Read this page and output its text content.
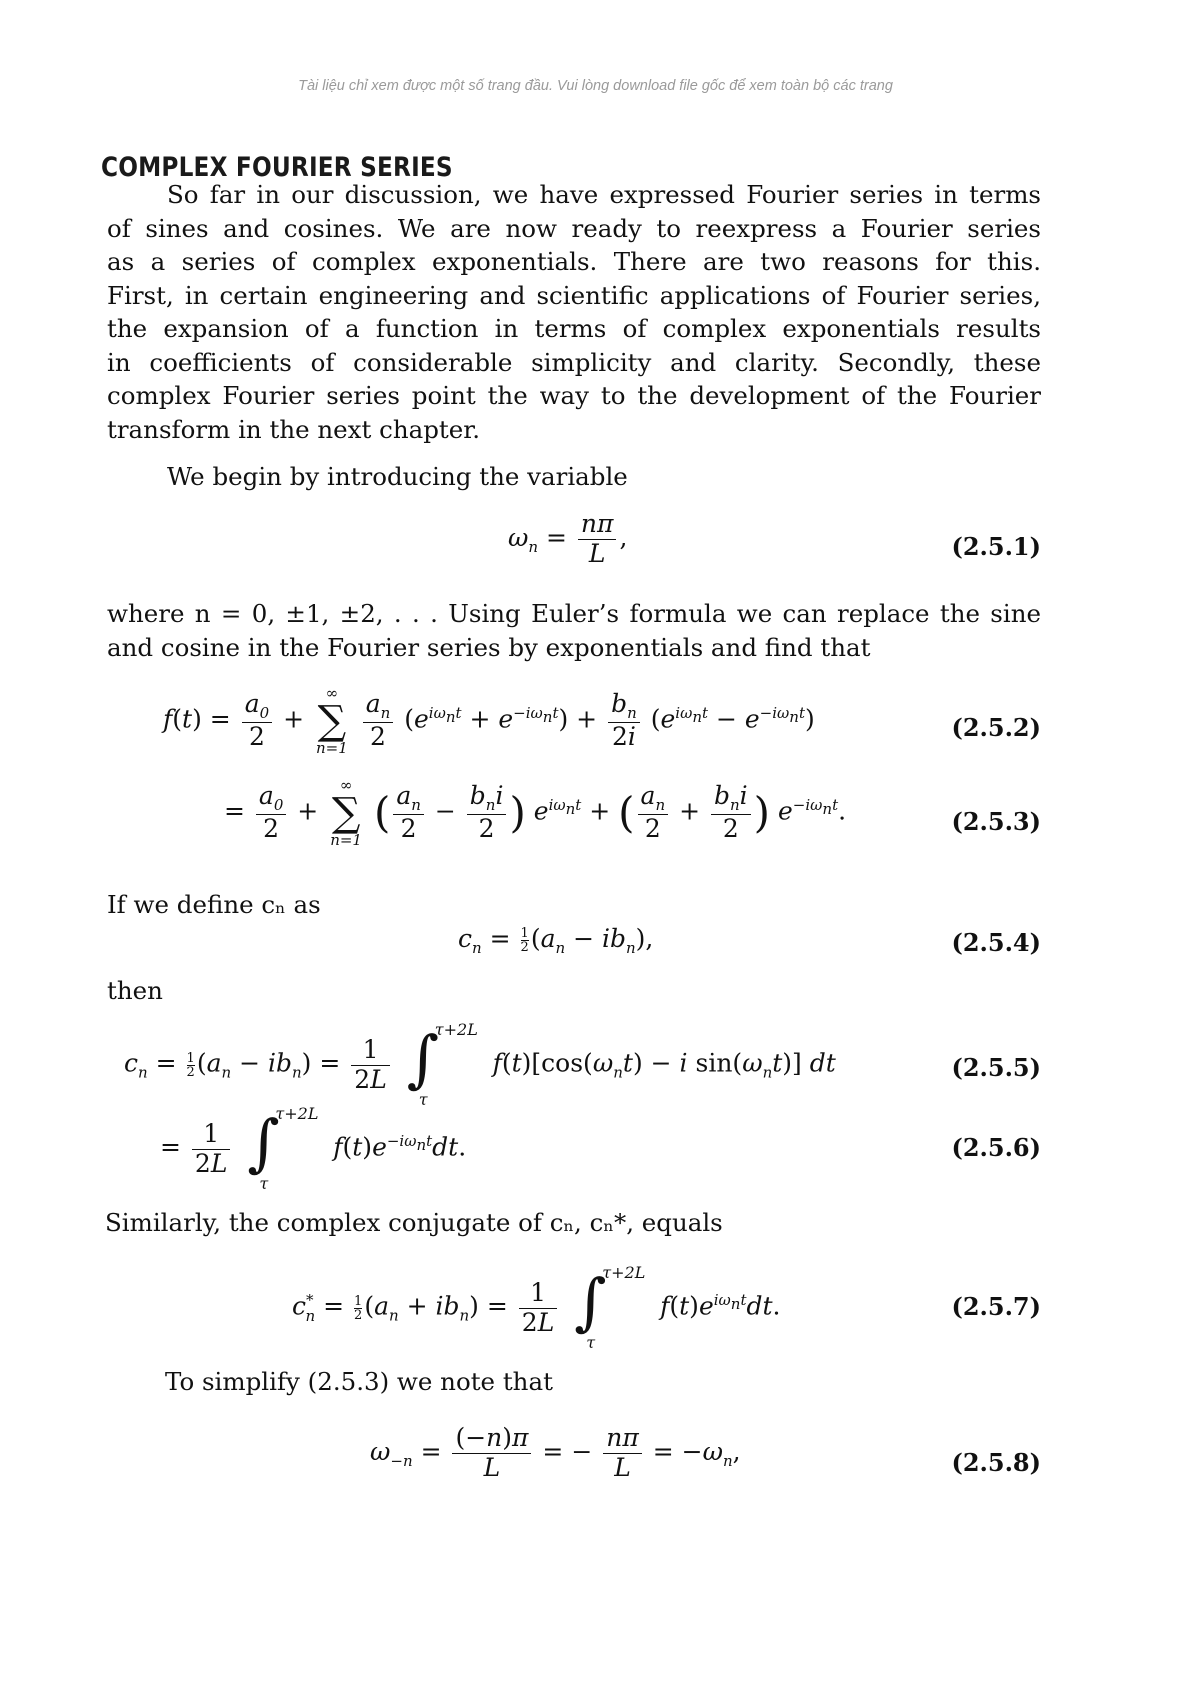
Tài liệu chỉ xem được một số trang đầu. Vui lòng download file gốc để xem toàn bộ các trang
COMPLEX FOURIER SERIES
So far in our discussion, we have expressed Fourier series in terms
of sines and cosines. We are now ready to reexpress a Fourier series
as a series of complex exponentials. There are two reasons for this.
First, in certain engineering and scientific applications of Fourier series,
the expansion of a function in terms of complex exponentials results
in coefficients of considerable simplicity and clarity. Secondly, these
complex Fourier series point the way to the development of the Fourier
transform in the next chapter.
We begin by introducing the variable
$\omega_n = \frac{n\pi}{L}$ ,	(2.5.1)
where n = 0, ±1, ±2, . . . Using Euler’s formula we can replace the sine
and cosine in the Fourier series by exponentials and find that
$f(t) = \frac{a_0}{2}$ +
∞
∑
n=1
$\frac{a_n}{2} (e^{i\omega_nt} + e^{-i\omega_nt}) + \frac{b_n}{2i} (e^{i\omega_nt} - e^{-i\omega_nt})$	(2.5.2)
= $\frac{a_0}{2}$ +
∞
∑
n=1
( $\frac{a_n}{2} - \frac{b_ni}{2}$ ) $e^{i\omega_nt}$ + ( $\frac{a_n}{2} + \frac{b_ni}{2}$ ) $e^{-i\omega_nt}$.	(2.5.3)
If we define cₙ as
$c_n = \frac{1}{2} (a_n - ib_n)$,	(2.5.4)
then
$c_n = \frac{1}{2} (a_n - ib_n) = \frac{1}{2L}$
∫
τ+2L
τ
$f(t)[\cos(\omega_nt) - i$ $\sin(\omega_nt)$] dt	(2.5.5)
= $\frac{1}{2L}$
∫
τ+2L
τ
$f(t)e^{-i\omega_nt}dt$.	(2.5.6)
Similarly, the complex conjugate of cₙ, cₙ*, equals
$c^*_n = \frac{1}{2} (a_n + ib_n) = \frac{1}{2L}$
∫
τ+2L
τ
$f(t)e^{i\omega_nt}dt$.	(2.5.7)
To simplify (2.5.3) we note that
$\omega_{-n} = \frac{(-n)\pi}{L}$ = − $\frac{n\pi}{L} = -\omega_n$,	(2.5.8)
